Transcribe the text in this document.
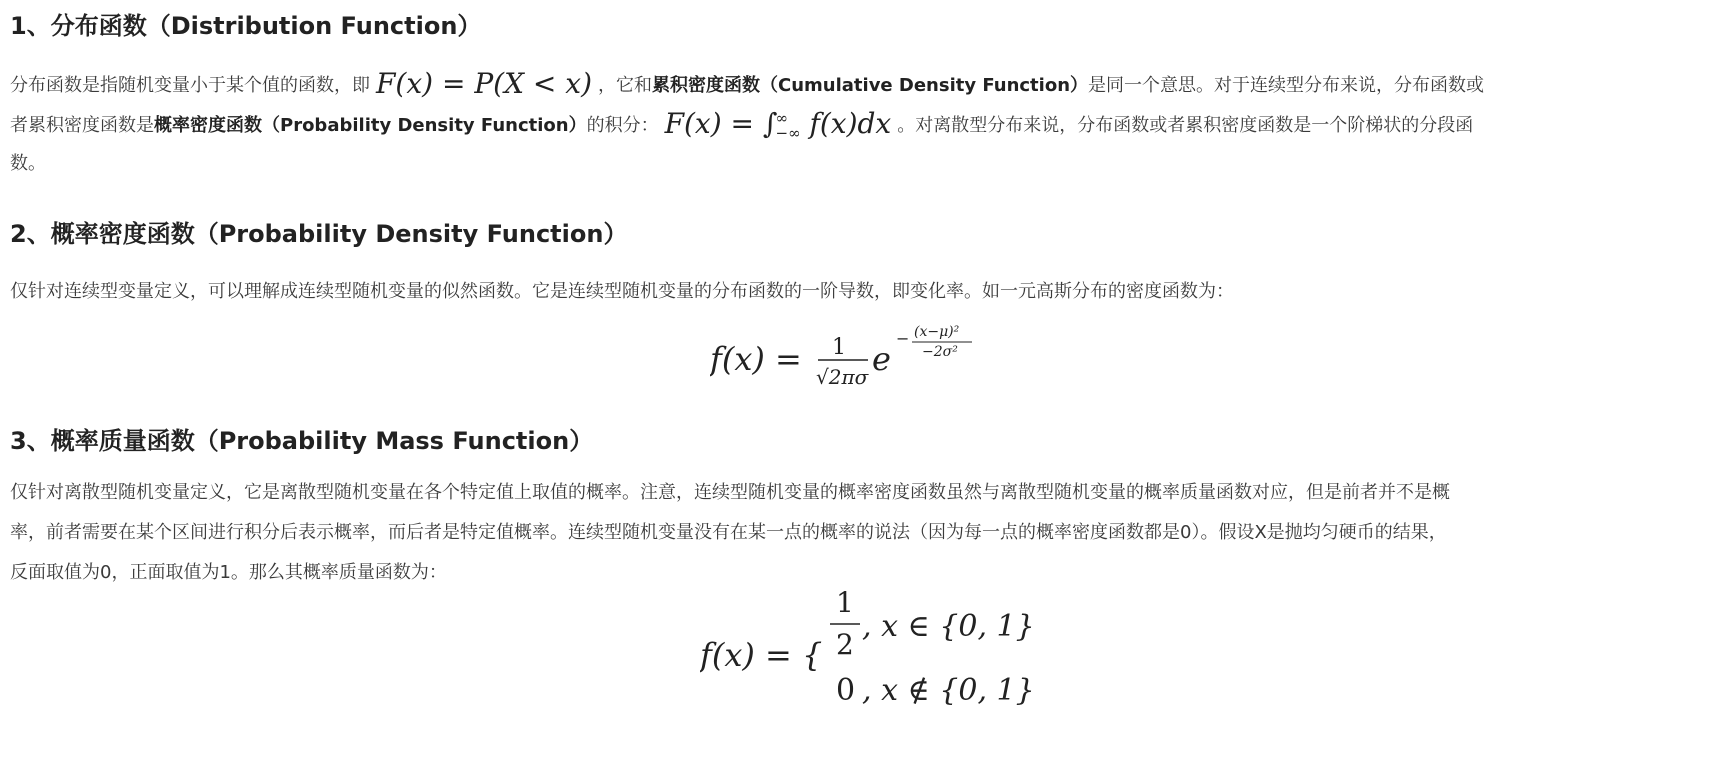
1、分布函数（Distribution Function）
分布函数是指随机变量小于某个值的函数，即 F(x) = P(X < x) ，它和累积密度函数（Cumulative Density Function）是同一个意思。对于连续型分布来说，分布函数或
者累积密度函数是概率密度函数（Probability Density Function）的积分： F(x) = ∫
∞
−∞ f(x)dx 。对离散型分布来说，分布函数或者累积密度函数是一个阶梯状的分段函
数。
2、概率密度函数（Probability Density Function）
仅针对连续型变量定义，可以理解成连续型随机变量的似然函数。它是连续型随机变量的分布函数的一阶导数，即变化率。如一元高斯分布的密度函数为：
f(x) = 1
√2πσ e
− (x−μ)²
−2σ²
3、概率质量函数（Probability Mass Function）
仅针对离散型随机变量定义，它是离散型随机变量在各个特定值上取值的概率。注意，连续型随机变量的概率密度函数虽然与离散型随机变量的概率质量函数对应，但是前者并不是概
率，前者需要在某个区间进行积分后表示概率，而后者是特定值概率。连续型随机变量没有在某一点的概率的说法（因为每一点的概率密度函数都是0）。假设X是抛均匀硬币的结果，
反面取值为0，正面取值为1。那么其概率质量函数为：
f(x) = {
1
2
, x ∈ {0, 1}
0 , x ∉ {0, 1}
